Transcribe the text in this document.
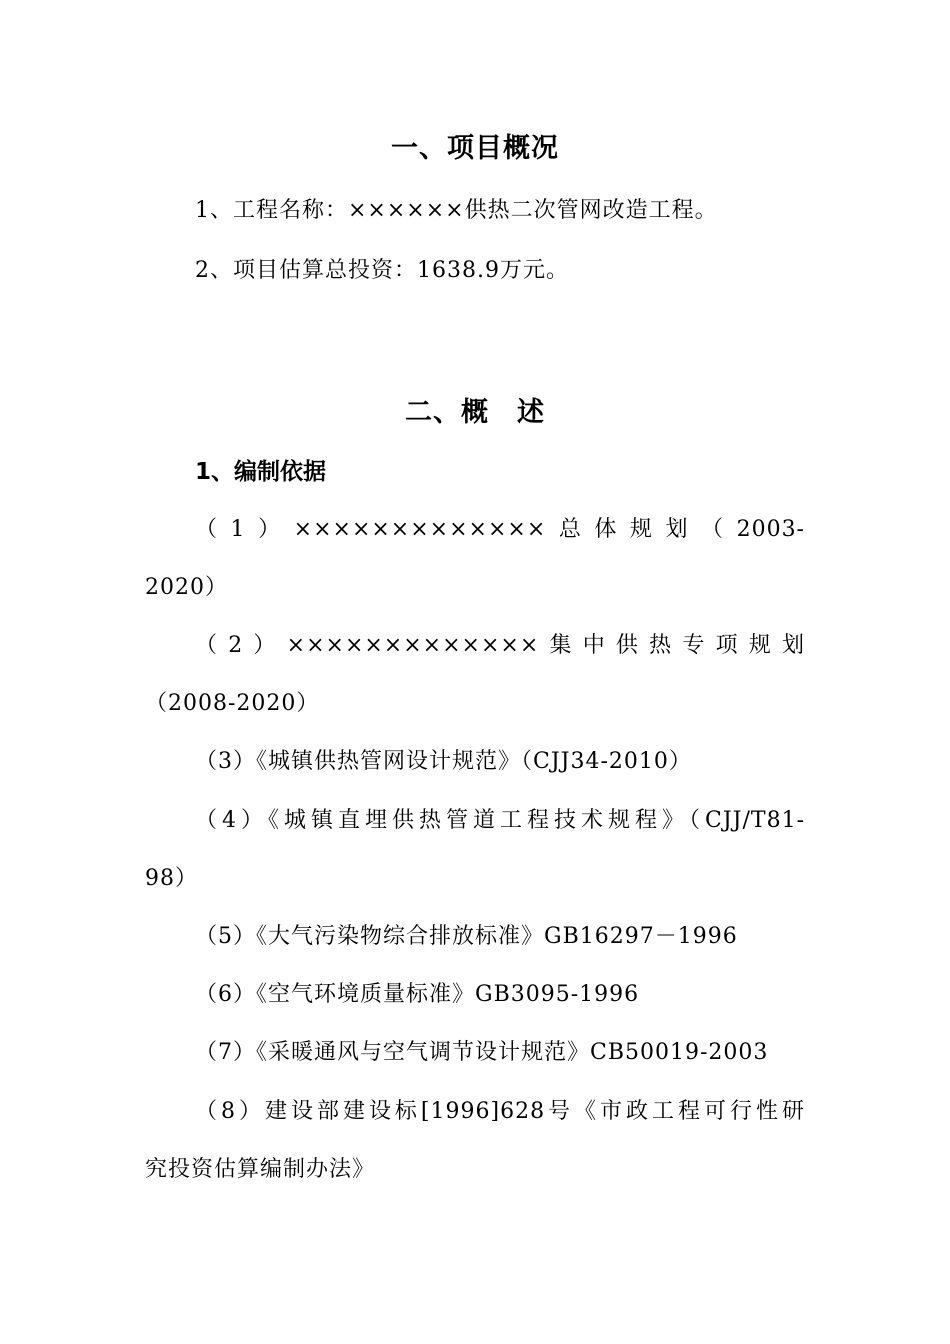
一、项目概况
1、工程名称：××××××供热二次管网改造工程。
2、项目估算总投资：1638.9万元。
二、概　述
1、编制依据
（1）×××××××××××××总体规划（2003-
2020）
（2）×××××××××××××集中供热专项规划
（2008-2020）
（3）《城镇供热管网设计规范》（CJJ34-2010）
（4）《城镇直埋供热管道工程技术规程》（CJJ/T81-
98）
（5）《大气污染物综合排放标准》GB16297－1996
（6）《空气环境质量标准》GB3095-1996
（7）《采暖通风与空气调节设计规范》CB50019-2003
（8）建设部建设标[1996]628号《市政工程可行性研
究投资估算编制办法》
